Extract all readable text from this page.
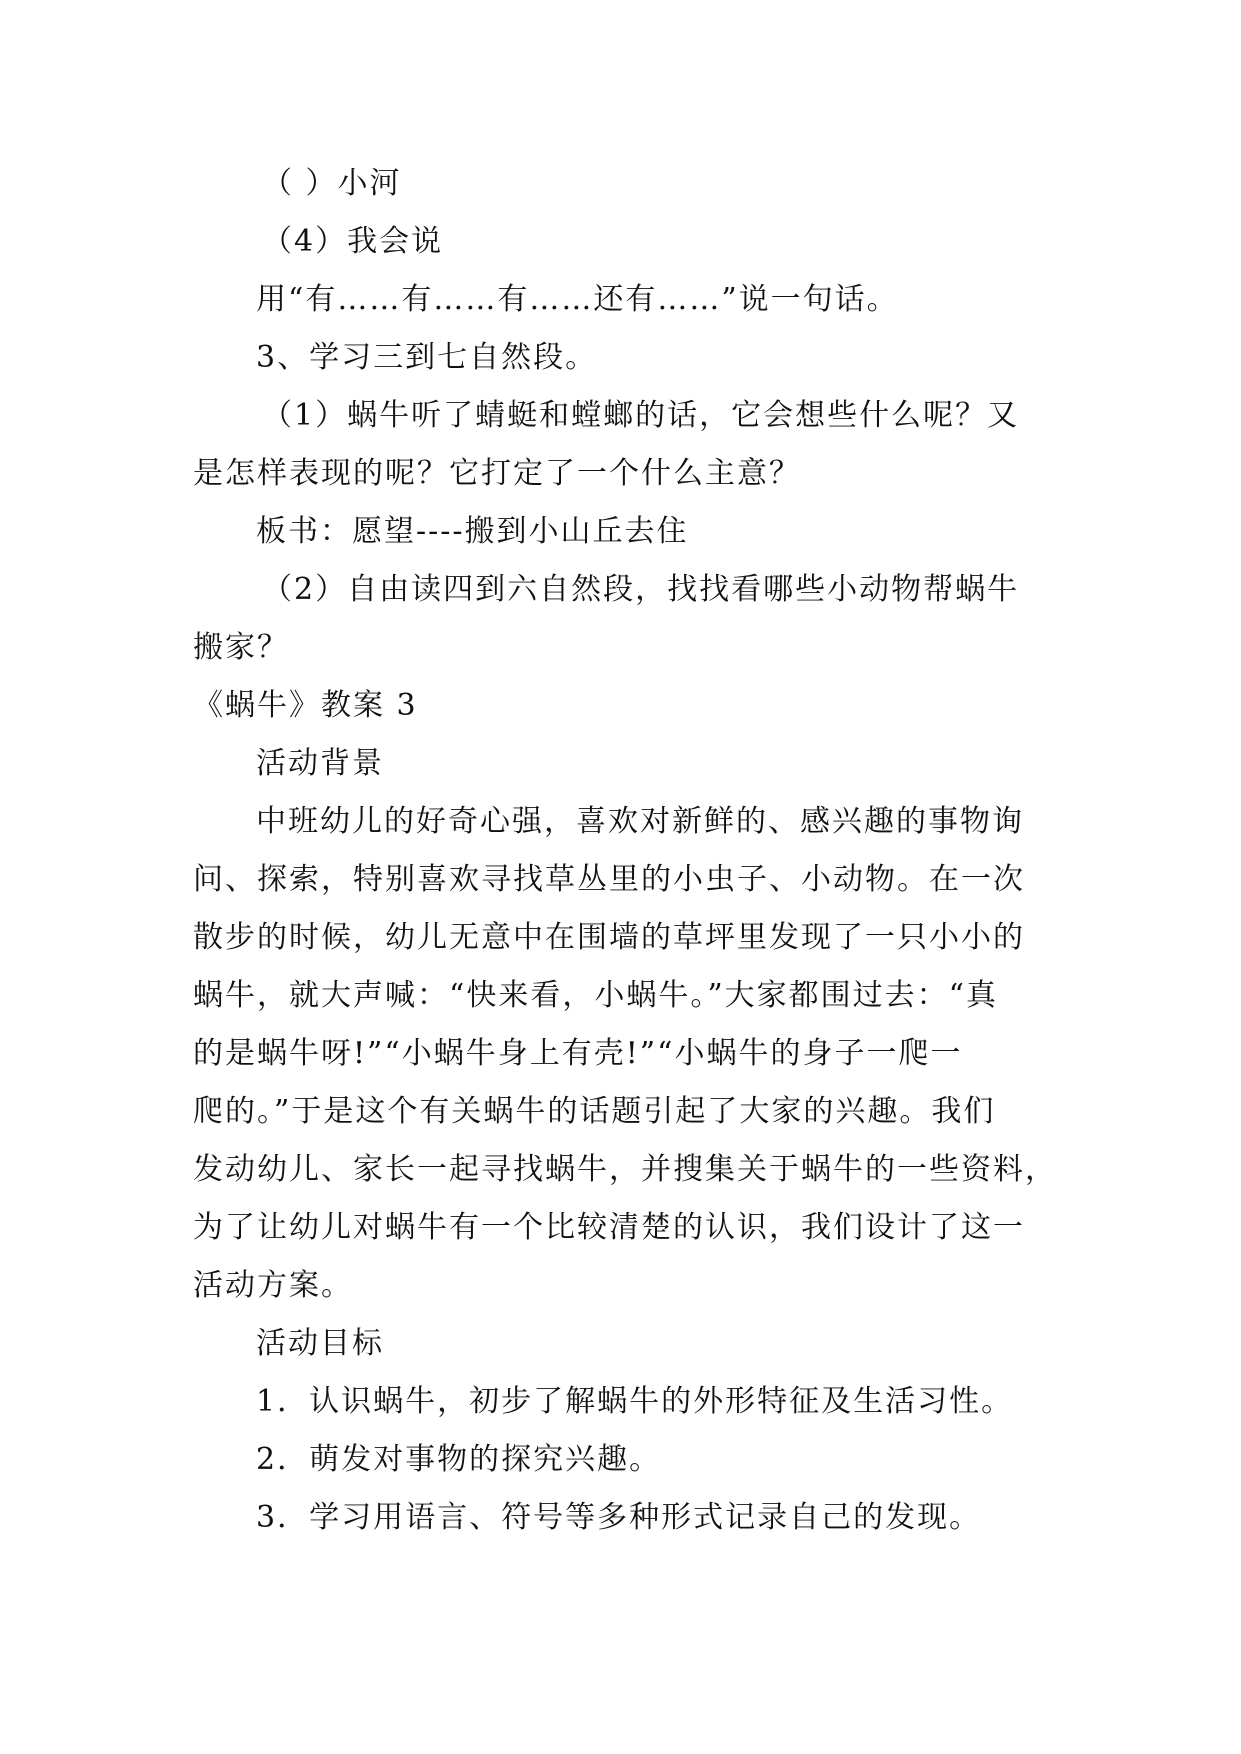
（ ）小河
（4）我会说
用“有……有……有……还有……”说一句话。
3、学习三到七自然段。
（1）蜗牛听了蜻蜓和螳螂的话，它会想些什么呢？又
是怎样表现的呢？它打定了一个什么主意？
板书：愿望----搬到小山丘去住
（2）自由读四到六自然段，找找看哪些小动物帮蜗牛
搬家？
《蜗牛》教案 3
活动背景
中班幼儿的好奇心强，喜欢对新鲜的、感兴趣的事物询
问、探索，特别喜欢寻找草丛里的小虫子、小动物。在一次
散步的时候，幼儿无意中在围墙的草坪里发现了一只小小的
蜗牛，就大声喊：“快来看，小蜗牛。”大家都围过去：“真
的是蜗牛呀!”“小蜗牛身上有壳!”“小蜗牛的身子一爬一
爬的。”于是这个有关蜗牛的话题引起了大家的兴趣。我们
发动幼儿、家长一起寻找蜗牛，并搜集关于蜗牛的一些资料，
为了让幼儿对蜗牛有一个比较清楚的认识，我们设计了这一
活动方案。
活动目标
1．认识蜗牛，初步了解蜗牛的外形特征及生活习性。
2．萌发对事物的探究兴趣。
3．学习用语言、符号等多种形式记录自己的发现。
